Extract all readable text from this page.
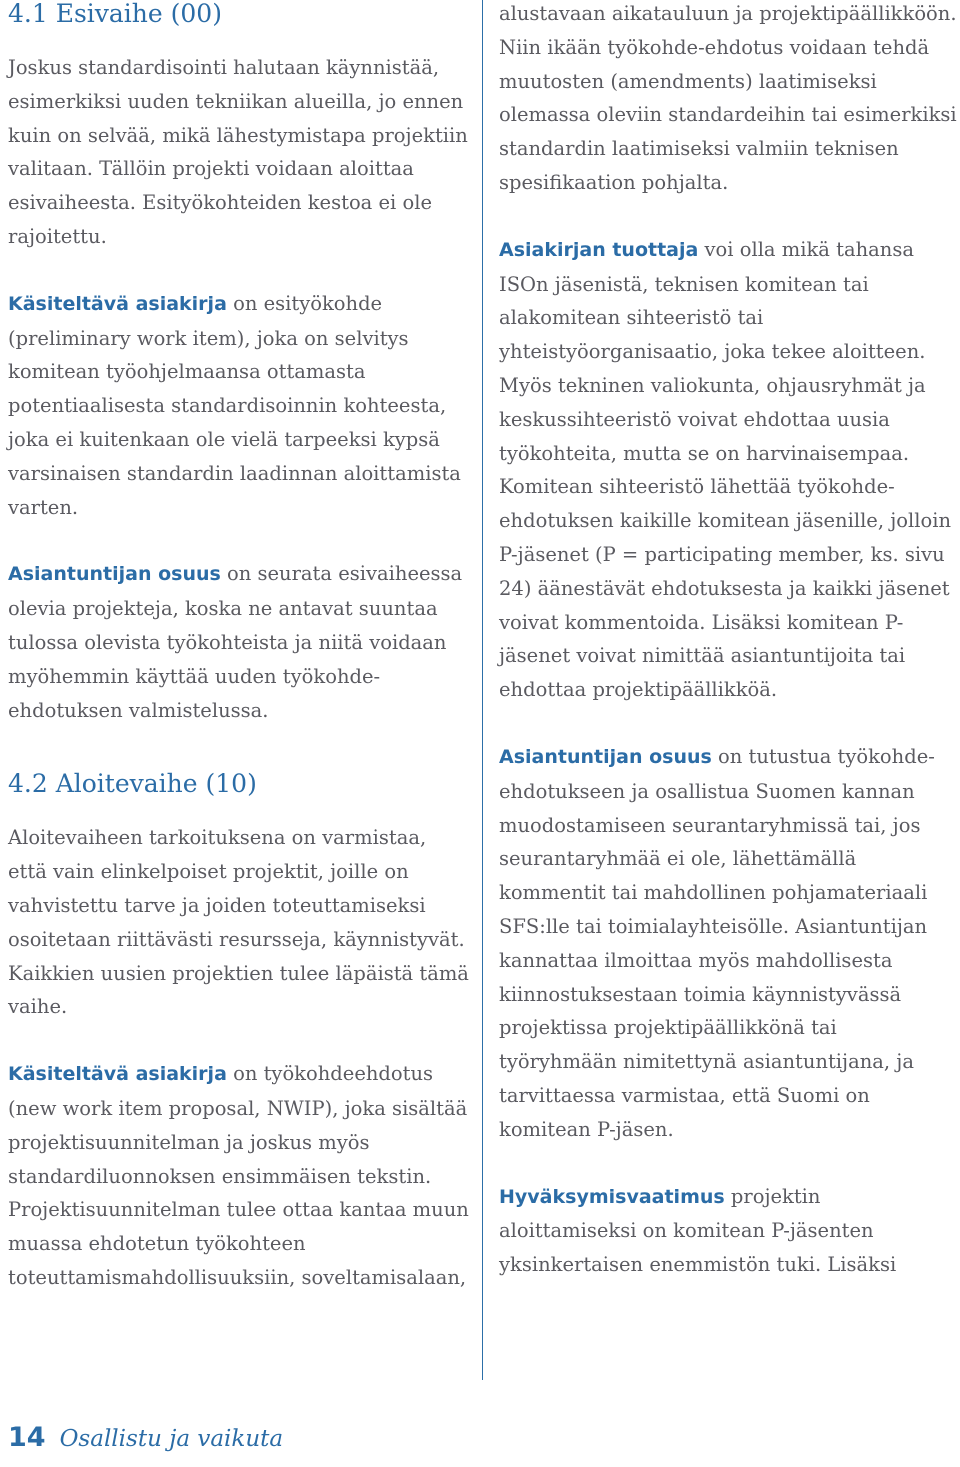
4.1 Esivaihe (00)

Joskus standardisointi halutaan käynnistää, esimerkiksi uuden tekniikan alueilla, jo ennen kuin on selvää, mikä lähestymistapa projektiin valitaan. Tällöin projekti voidaan aloittaa esivaiheesta. Esityökohteiden kestoa ei ole rajoitettu.

Käsiteltävä asiakirja on esityökohde (preliminary work item), joka on selvitys komitean työohjelmaansa ottamasta potentiaalisesta standardisoinnin kohteesta, joka ei kuitenkaan ole vielä tarpeeksi kypsä varsinaisen standardin laadinnan aloittamista varten.

Asiantuntijan osuus on seurata esivaiheessa olevia projekteja, koska ne antavat suuntaa tulossa olevista työkohteista ja niitä voidaan myöhemmin käyttää uuden työkohde-ehdotuksen valmistelussa.

4.2 Aloitevaihe (10)

Aloitevaiheen tarkoituksena on varmistaa, että vain elinkelpoiset projektit, joille on vahvistettu tarve ja joiden toteuttamiseksi osoitetaan riittävästi resursseja, käynnistyvät. Kaikkien uusien projektien tulee läpäistä tämä vaihe.

Käsiteltävä asiakirja on työkohdeehdotus (new work item proposal, NWIP), joka sisältää projektisuunnitelman ja joskus myös standardiluonnoksen ensimmäisen tekstin. Projektisuunnitelman tulee ottaa kantaa muun muassa ehdotetun työkohteen toteuttamismahdollisuuksiin, soveltamisalaan,

alustavaan aikatauluun ja projektipäällikköön. Niin ikään työkohde-ehdotus voidaan tehdä muutosten (amendments) laatimiseksi olemassa oleviin standardeihin tai esimerkiksi standardin laatimiseksi valmiin teknisen spesifikaation pohjalta.

Asiakirjan tuottaja voi olla mikä tahansa ISOn jäsenistä, teknisen komitean tai alakomitean sihteeristö tai yhteistyöorganisaatio, joka tekee aloitteen. Myös tekninen valiokunta, ohjausryhmät ja keskussihteeristö voivat ehdottaa uusia työkohteita, mutta se on harvinaisempaa. Komitean sihteeristö lähettää työkohde-ehdotuksen kaikille komitean jäsenille, jolloin P-jäsenet (P = participating member, ks. sivu 24) äänestävät ehdotuksesta ja kaikki jäsenet voivat kommentoida. Lisäksi komitean P-jäsenet voivat nimittää asiantuntijoita tai ehdottaa projektipäällikköä.

Asiantuntijan osuus on tutustua työkohde-ehdotukseen ja osallistua Suomen kannan muodostamiseen seurantaryhmissä tai, jos seurantaryhmää ei ole, lähettämällä kommentit tai mahdollinen pohjamateriaali SFS:lle tai toimialayhteisölle. Asiantuntijan kannattaa ilmoittaa myös mahdollisesta kiinnostuksestaan toimia käynnistyvässä projektissa projektipäällikkönä tai työryhmään nimitettynä asiantuntijana, ja tarvittaessa varmistaa, että Suomi on komitean P-jäsen.

Hyväksymisvaatimus projektin aloittamiseksi on komitean P-jäsenten yksinkertaisen enemmistön tuki. Lisäksi

14 Osallistu ja vaikuta
